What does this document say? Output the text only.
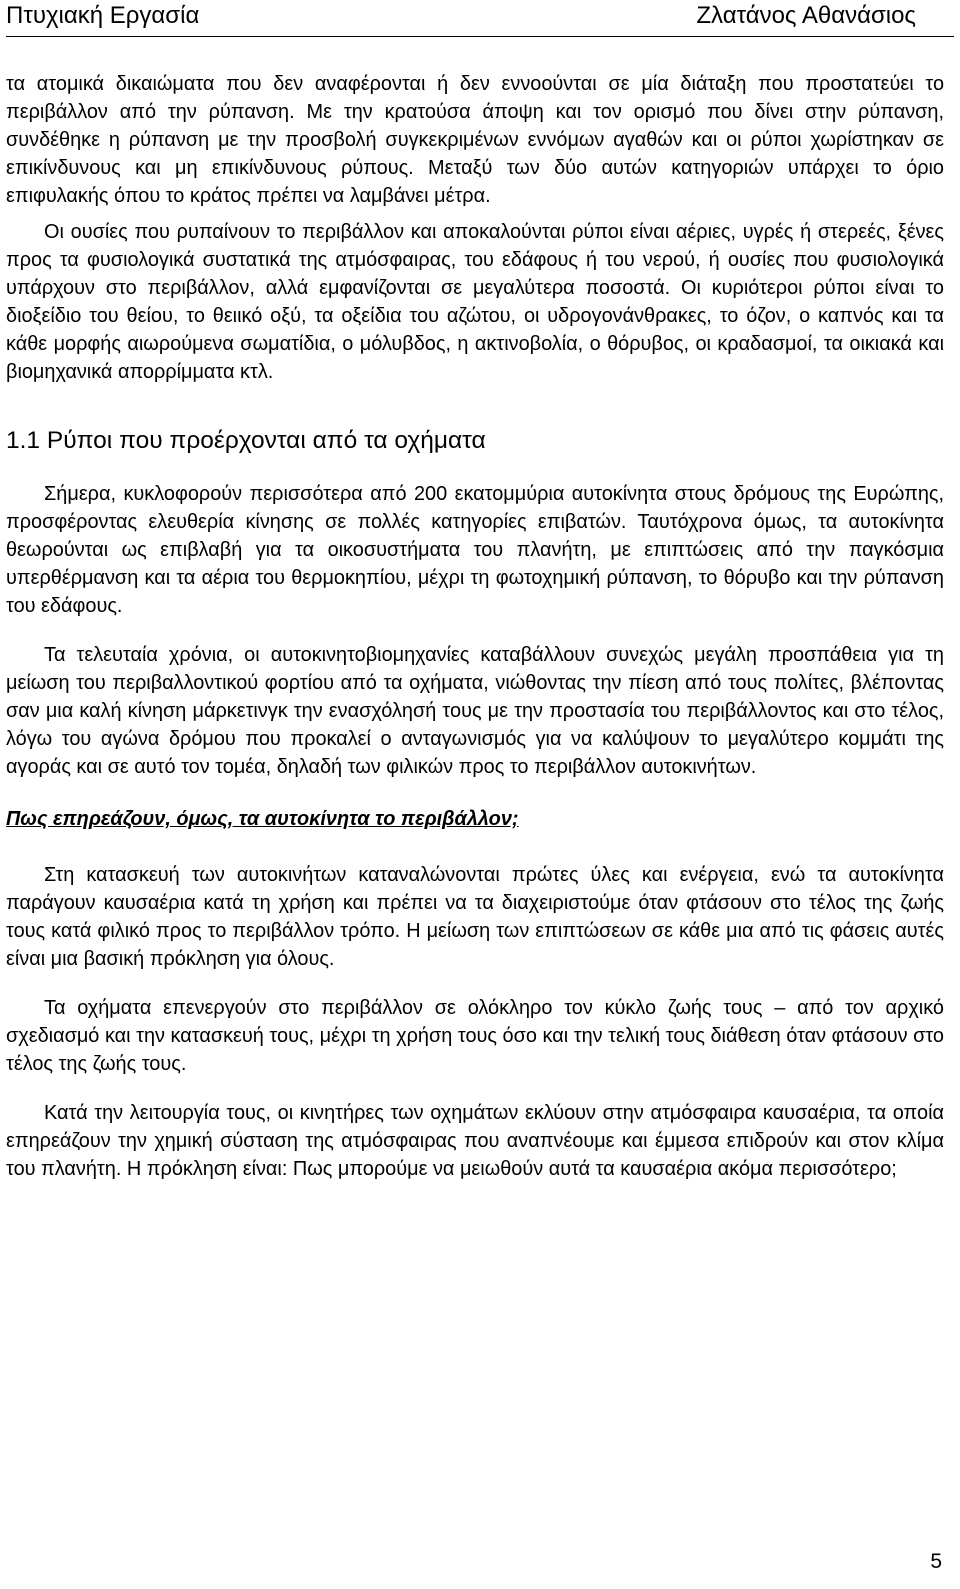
Πτυχιακή Εργασία	Ζλατάνος Αθανάσιος

τα ατομικά δικαιώματα που δεν αναφέρονται ή δεν εννοούνται σε μία διάταξη που προστατεύει το περιβάλλον από την ρύπανση. Με την κρατούσα άποψη και τον ορισμό που δίνει στην ρύπανση, συνδέθηκε η ρύπανση με την προσβολή συγκεκριμένων εννόμων αγαθών και οι ρύποι χωρίστηκαν σε επικίνδυνους και μη επικίνδυνους ρύπους. Μεταξύ των δύο αυτών κατηγοριών υπάρχει το όριο επιφυλακής όπου το κράτος πρέπει να λαμβάνει μέτρα.

Οι ουσίες που ρυπαίνουν το περιβάλλον και αποκαλούνται ρύποι είναι αέριες, υγρές ή στερεές, ξένες προς τα φυσιολογικά συστατικά της ατμόσφαιρας, του εδάφους ή του νερού, ή ουσίες που φυσιολογικά υπάρχουν στο περιβάλλον, αλλά εμφανίζονται σε μεγαλύτερα ποσοστά. Οι κυριότεροι ρύποι είναι το διοξείδιο του θείου, το θειικό οξύ, τα οξείδια του αζώτου, οι υδρογονάνθρακες, το όζον, ο καπνός και τα κάθε μορφής αιωρούμενα σωματίδια, ο μόλυβδος, η ακτινοβολία, ο θόρυβος, οι κραδασμοί, τα οικιακά και βιομηχανικά απορρίμματα κτλ.

1.1 Ρύποι που προέρχονται από τα οχήματα

Σήμερα, κυκλοφορούν περισσότερα από 200 εκατομμύρια αυτοκίνητα στους δρόμους της Ευρώπης, προσφέροντας ελευθερία κίνησης σε πολλές κατηγορίες επιβατών. Ταυτόχρονα όμως, τα αυτοκίνητα θεωρούνται ως επιβλαβή για τα οικοσυστήματα του πλανήτη, με επιπτώσεις από την παγκόσμια υπερθέρμανση και τα αέρια του θερμοκηπίου, μέχρι τη φωτοχημική ρύπανση, το θόρυβο και την ρύπανση του εδάφους.

Τα τελευταία χρόνια, οι αυτοκινητοβιομηχανίες καταβάλλουν συνεχώς μεγάλη προσπάθεια για τη μείωση του περιβαλλοντικού φορτίου από τα οχήματα, νιώθοντας την πίεση από τους πολίτες, βλέποντας σαν μια καλή κίνηση μάρκετινγκ την ενασχόλησή τους με την προστασία του περιβάλλοντος και στο τέλος, λόγω του αγώνα δρόμου που προκαλεί ο ανταγωνισμός για να καλύψουν το μεγαλύτερο κομμάτι της αγοράς και σε αυτό τον τομέα, δηλαδή των φιλικών προς το περιβάλλον αυτοκινήτων.

Πως επηρεάζουν, όμως, τα αυτοκίνητα το περιβάλλον;

Στη κατασκευή των αυτοκινήτων καταναλώνονται πρώτες ύλες και ενέργεια, ενώ τα αυτοκίνητα παράγουν καυσαέρια κατά τη χρήση και πρέπει να τα διαχειριστούμε όταν φτάσουν στο τέλος της ζωής τους κατά φιλικό προς το περιβάλλον τρόπο. Η μείωση των επιπτώσεων σε κάθε μια από τις φάσεις αυτές είναι μια βασική πρόκληση για όλους.

Τα οχήματα επενεργούν στο περιβάλλον σε ολόκληρο τον κύκλο ζωής τους – από τον αρχικό σχεδιασμό και την κατασκευή τους, μέχρι τη χρήση τους όσο και την τελική τους διάθεση όταν φτάσουν στο τέλος της ζωής τους.

Κατά την λειτουργία τους, οι κινητήρες των οχημάτων εκλύουν στην ατμόσφαιρα καυσαέρια, τα οποία επηρεάζουν την χημική σύσταση της ατμόσφαιρας που αναπνέουμε και έμμεσα επιδρούν και στον κλίμα του πλανήτη. Η πρόκληση είναι: Πως μπορούμε να μειωθούν αυτά τα καυσαέρια ακόμα περισσότερο;

5
